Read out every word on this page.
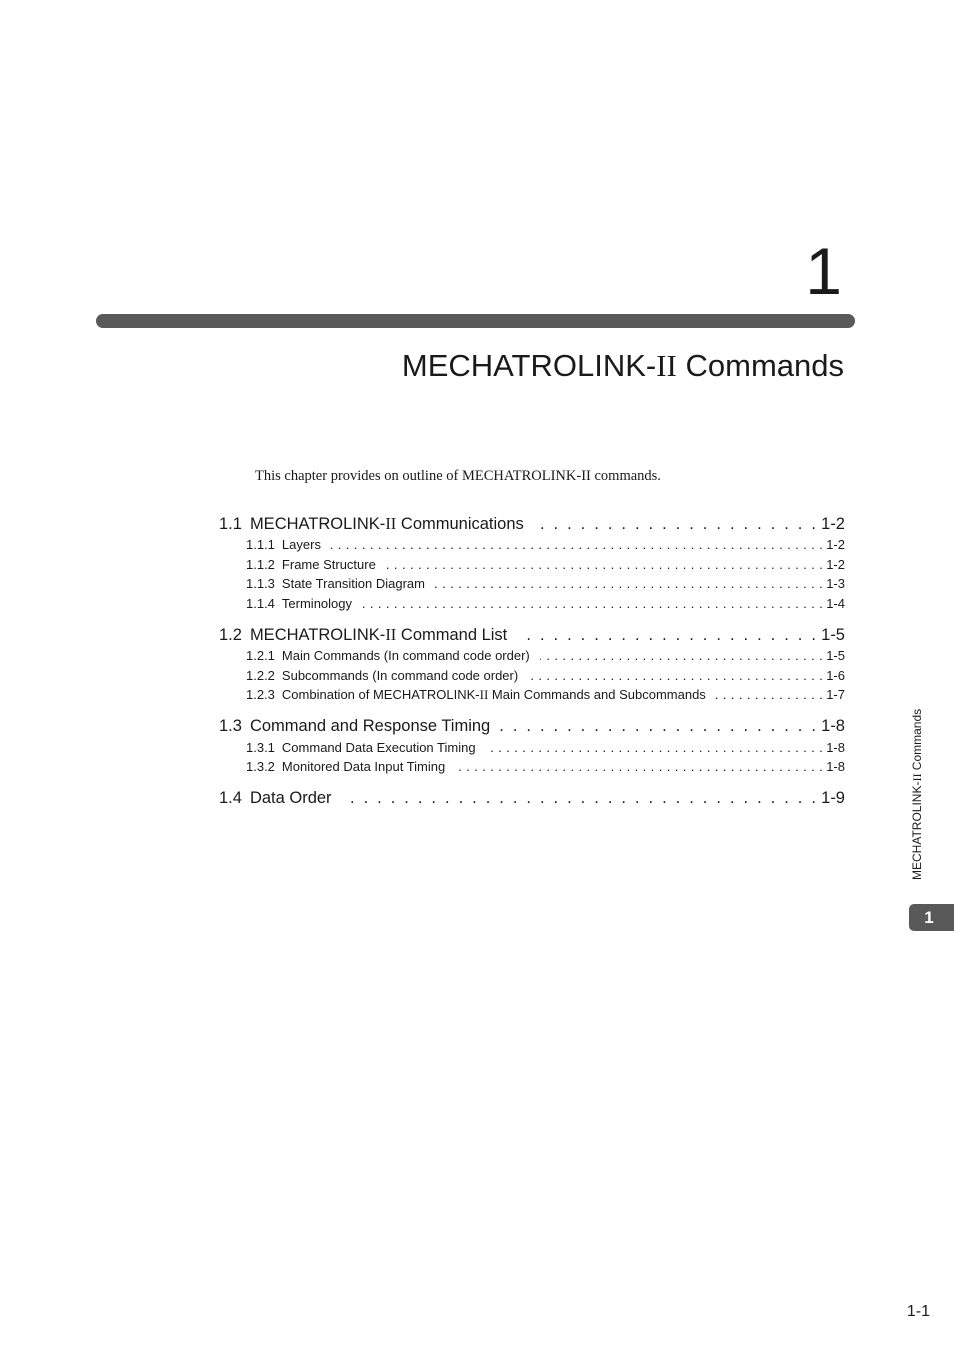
1
MECHATROLINK-II Commands
This chapter provides on outline of MECHATROLINK-II commands.
1.1 MECHATROLINK-II Communications . . .	1-2
1.1.1 Layers . . .	1-2
1.1.2 Frame Structure . . .	1-2
1.1.3 State Transition Diagram . . .	1-3
1.1.4 Terminology . . .	1-4
1.2 MECHATROLINK-II Command List . . .	1-5
1.2.1 Main Commands (In command code order) . . .	1-5
1.2.2 Subcommands (In command code order) . . .	1-6
1.2.3 Combination of MECHATROLINK-II Main Commands and Subcommands . . .	1-7
1.3 Command and Response Timing . . .	1-8
1.3.1 Command Data Execution Timing . . .	1-8
1.3.2 Monitored Data Input Timing . . .	1-8
1.4 Data Order . . .	1-9	MECHATROLINK-II Commands
1
1-1
